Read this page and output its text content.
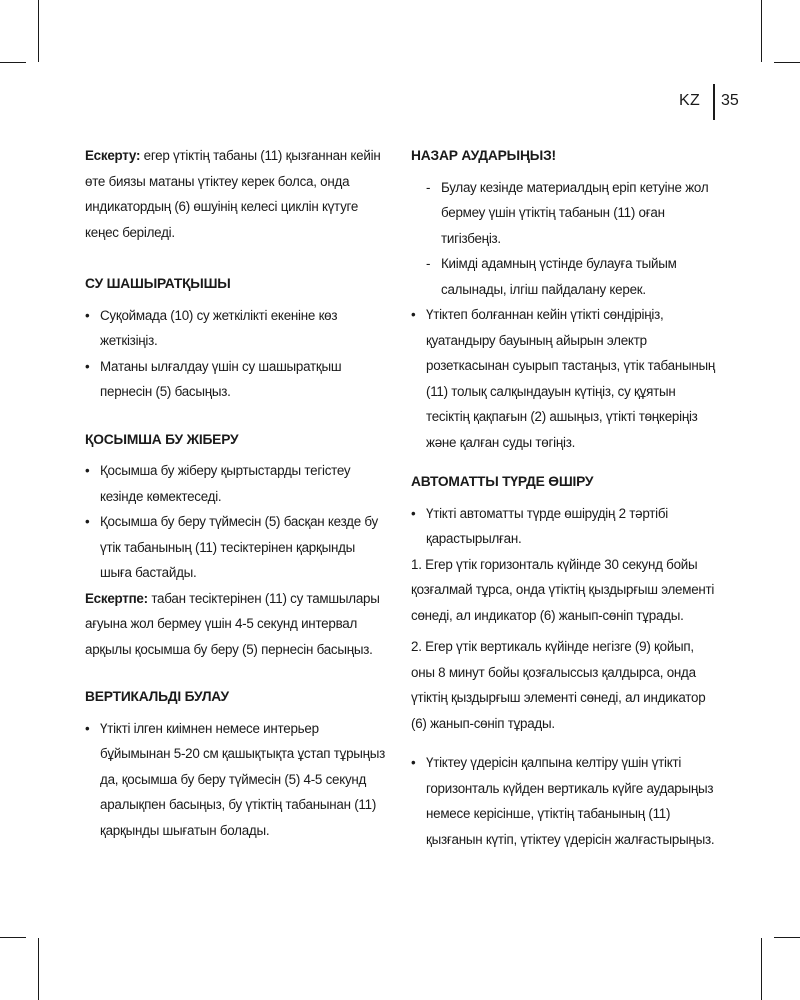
KZ 35

Ескерту: егер үтіктің табаны (11) қызғаннан кейін өте биязы матаны үтіктеу керек болса, онда индикатордың (6) өшуінің келесі циклін күтуге кеңес беріледі.

СУ ШАШЫРАТҚЫШЫ
• Суқоймада (10) су жеткілікті екеніне көз жеткізіңіз.
• Матаны ылғалдау үшін су шашыратқыш пернесін (5) басыңыз.
ҚОСЫМША БУ ЖІБЕРУ
• Қосымша бу жіберу қыртыстарды тегістеу кезінде көмектеседі.
• Қосымша бу беру түймесін (5) басқан кезде бу үтік табанының (11) тесіктерінен қарқынды шыға бастайды.

Ескертпе: табан тесіктерінен (11) су тамшылары ағуына жол бермеу үшін 4-5 секунд интервал арқылы қосымша бу беру (5) пернесін басыңыз.

ВЕРТИКАЛЬДІ БУЛАУ
• Үтікті ілген киімнен немесе интерьер бұйымынан 5-20 см қашықтықта ұстап тұрыңыз да, қосымша бу беру түймесін (5) 4-5 секунд аралықпен басыңыз, бу үтіктің табанынан (11) қарқынды шығатын болады.
НАЗАР АУДАРЫҢЫЗ!
- Булау кезінде материалдың еріп кетуіне жол бермеу үшін үтіктің табанын (11) оған тигізбеңіз.
- Киімді адамның үстінде булауға тыйым салынады, ілгіш пайдалану керек.
• Үтіктеп болғаннан кейін үтікті сөндіріңіз, қуатандыру бауының айырын электр розеткасынан суырып тастаңыз, үтік табанының (11) толық салқындауын күтіңіз, су құятын тесіктің қақпағын (2) ашыңыз, үтікті төңкеріңіз және қалған суды төгіңіз.
АВТОМАТТЫ ТҮРДЕ ӨШІРУ
• Үтікті автоматты түрде өшірудің 2 тәртібі қарастырылған.

1. Егер үтік горизонталь күйінде 30 секунд бойы қозғалмай тұрса, онда үтіктің қыздырғыш элементі сөнеді, ал индикатор (6) жанып-сөніп тұрады.

2. Егер үтік вертикаль күйінде негізге (9) қойып, оны 8 минут бойы қозғалыссыз қалдырса, онда үтіктің қыздырғыш элементі сөнеді, ал индикатор (6) жанып-сөніп тұрады.

• Үтіктеу үдерісін қалпына келтіру үшін үтікті горизонталь күйден вертикаль күйге аударыңыз немесе керісінше, үтіктің табанының (11) қызғанын күтіп, үтіктеу үдерісін жалғастырыңыз.
